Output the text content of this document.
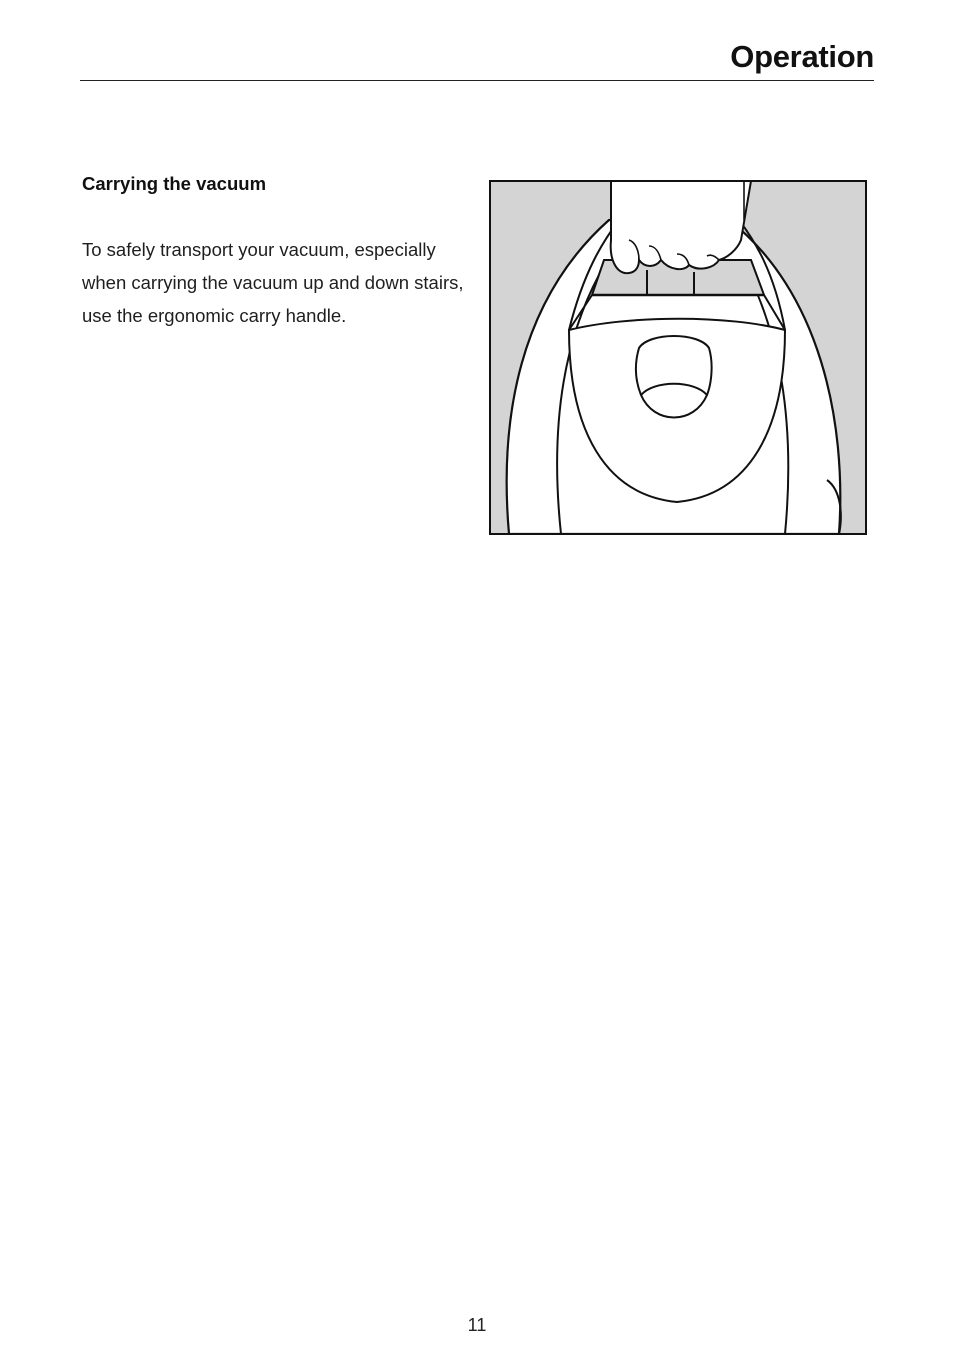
Operation
Carrying the vacuum

To safely transport your vacuum, especially when carrying the vacuum up and down stairs, use the ergonomic carry handle.

11
